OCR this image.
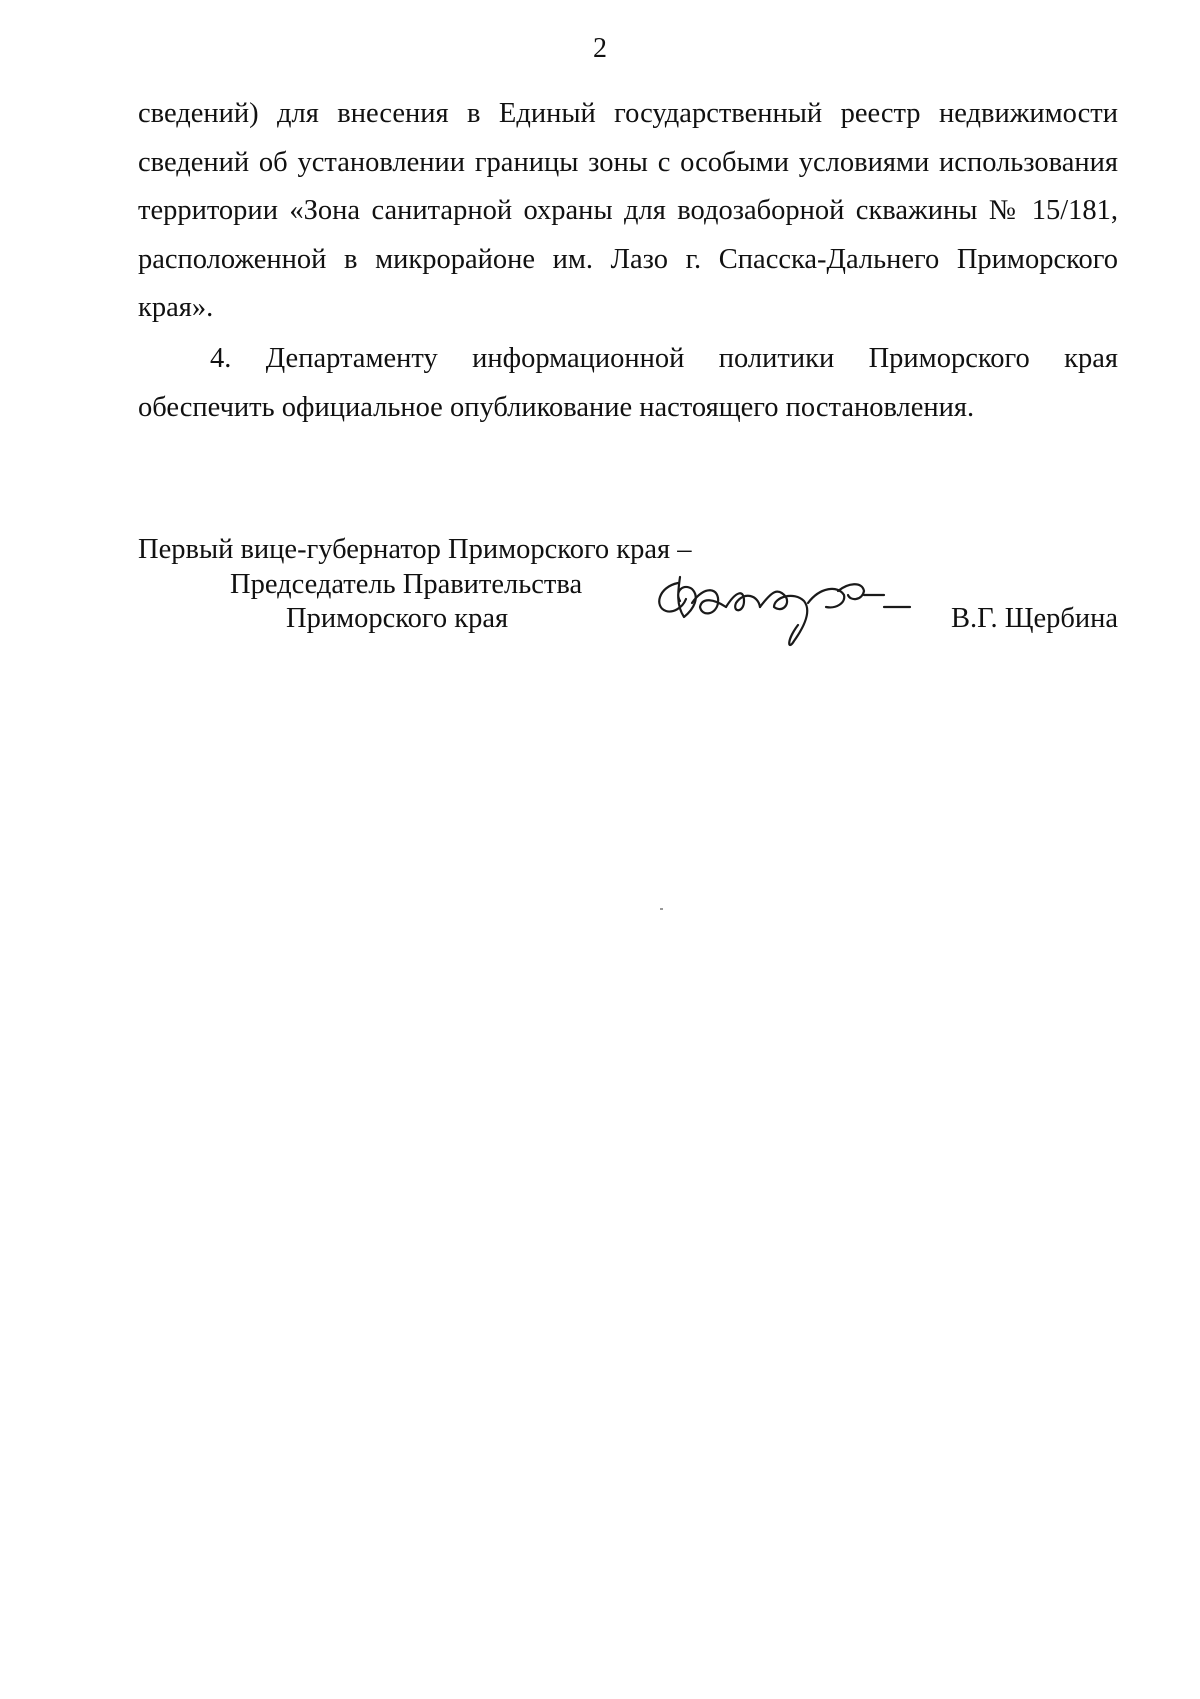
2
сведений) для внесения в Единый государственный реестр недвижимости
сведений об установлении границы зоны с особыми условиями использования
территории «Зона санитарной охраны для водозаборной скважины № 15/181,
расположенной в микрорайоне им. Лазо г. Спасска-Дальнего Приморского
края».
4. Департаменту информационной политики Приморского края
обеспечить официальное опубликование настоящего постановления.
Первый вице-губернатор Приморского края –
Председатель Правительства
Приморского края	В.Г. Щербина
